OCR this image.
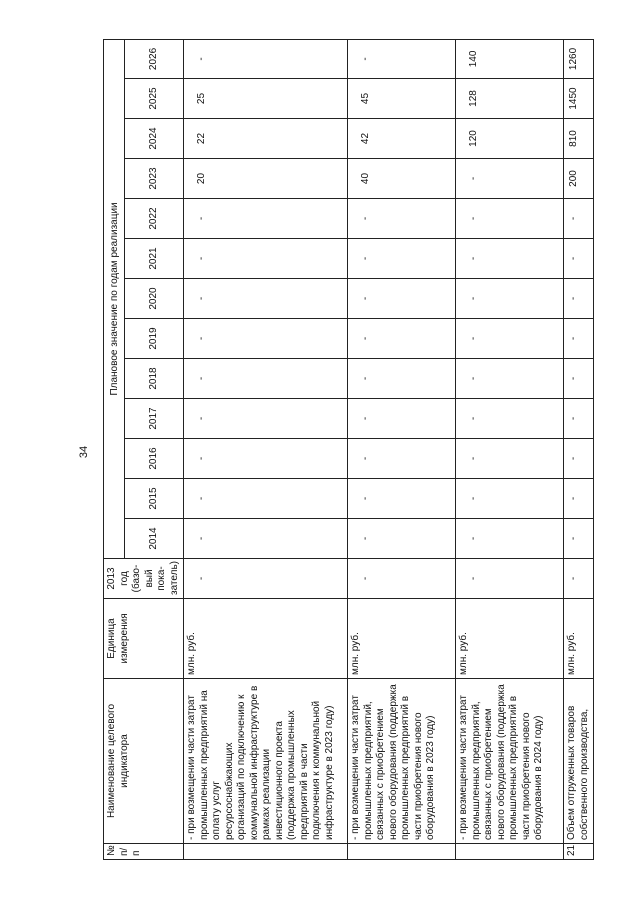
34
№ п/п	Наименование целевого индикатора	Единица измерения	2013 год (базо- вый пока- затель)	Плановое значение по годам реализации												
				2014	2015	2016	2017	2018	2019	2020	2021	2022	2023	2024	2025	2026
	- при возмещении части затрат промышленных предприятий на оплату услуг ресурсоснабжающих организаций по подключению к коммунальной инфраструктуре в рамках реализации инвестиционного проекта (поддержка промышленных предприятий в части подключения к коммунальной инфраструктуре в 2023 году)	млн. руб.	-	-	-	-	-	-	-	-	-	-	20	22	25	-
	- при возмещении части затрат промышленных предприятий, связанных с приобретением нового оборудования (поддержка промышленных предприятий в части приобретения нового оборудования в 2023 году)	млн. руб.	-	-	-	-	-	-	-	-	-	-	40	42	45	-
	- при возмещении части затрат промышленных предприятий, связанных с приобретением нового оборудования (поддержка промышленных предприятий в части приобретения нового оборудования в 2024 году)	млн. руб.	-	-	-	-	-	-	-	-	-	-	-	120	128	140
21.	Объем отгруженных товаров собственного производства,	млн. руб.	-	-	-	-	-	-	-	-	-	-	200	810	1450	1260
